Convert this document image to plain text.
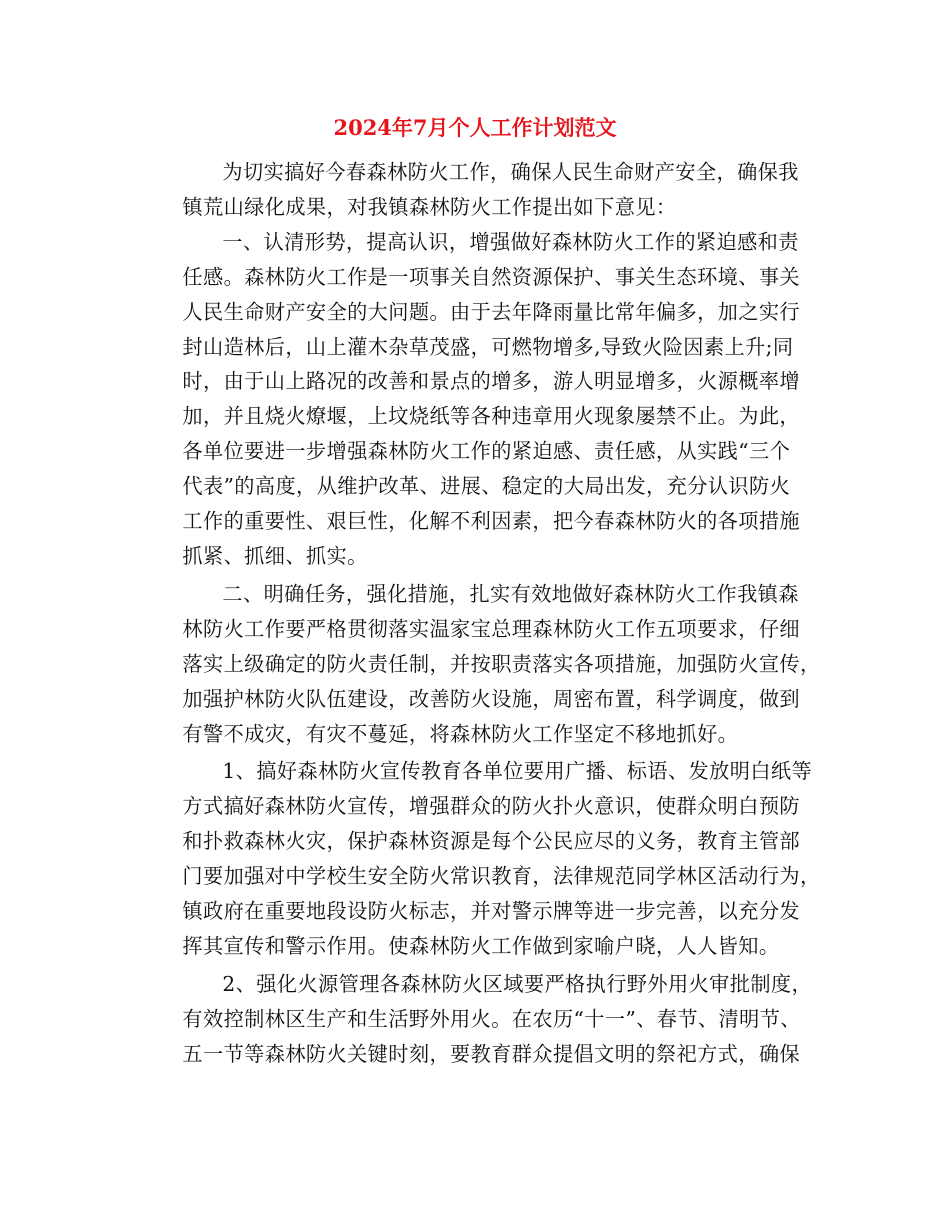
2024年7月个人工作计划范文
为切实搞好今春森林防火工作，确保人民生命财产安全，确保我
镇荒山绿化成果，对我镇森林防火工作提出如下意见：
一、认清形势，提高认识，增强做好森林防火工作的紧迫感和责
任感。森林防火工作是一项事关自然资源保护、事关生态环境、事关
人民生命财产安全的大问题。由于去年降雨量比常年偏多，加之实行
封山造林后，山上灌木杂草茂盛，可燃物增多,导致火险因素上升;同
时，由于山上路况的改善和景点的增多，游人明显增多，火源概率增
加，并且烧火燎堰，上坟烧纸等各种违章用火现象屡禁不止。为此，
各单位要进一步增强森林防火工作的紧迫感、责任感，从实践“三个
代表”的高度，从维护改革、进展、稳定的大局出发，充分认识防火
工作的重要性、艰巨性，化解不利因素，把今春森林防火的各项措施
抓紧、抓细、抓实。
二、明确任务，强化措施，扎实有效地做好森林防火工作我镇森
林防火工作要严格贯彻落实温家宝总理森林防火工作五项要求，仔细
落实上级确定的防火责任制，并按职责落实各项措施，加强防火宣传，
加强护林防火队伍建设，改善防火设施，周密布置，科学调度，做到
有警不成灾，有灾不蔓延，将森林防火工作坚定不移地抓好。
1、搞好森林防火宣传教育各单位要用广播、标语、发放明白纸等
方式搞好森林防火宣传，增强群众的防火扑火意识，使群众明白预防
和扑救森林火灾，保护森林资源是每个公民应尽的义务，教育主管部
门要加强对中学校生安全防火常识教育，法律规范同学林区活动行为，
镇政府在重要地段设防火标志，并对警示牌等进一步完善，以充分发
挥其宣传和警示作用。使森林防火工作做到家喻户晓，人人皆知。
2、强化火源管理各森林防火区域要严格执行野外用火审批制度，
有效控制林区生产和生活野外用火。在农历“十一”、春节、清明节、
五一节等森林防火关键时刻，要教育群众提倡文明的祭祀方式，确保
